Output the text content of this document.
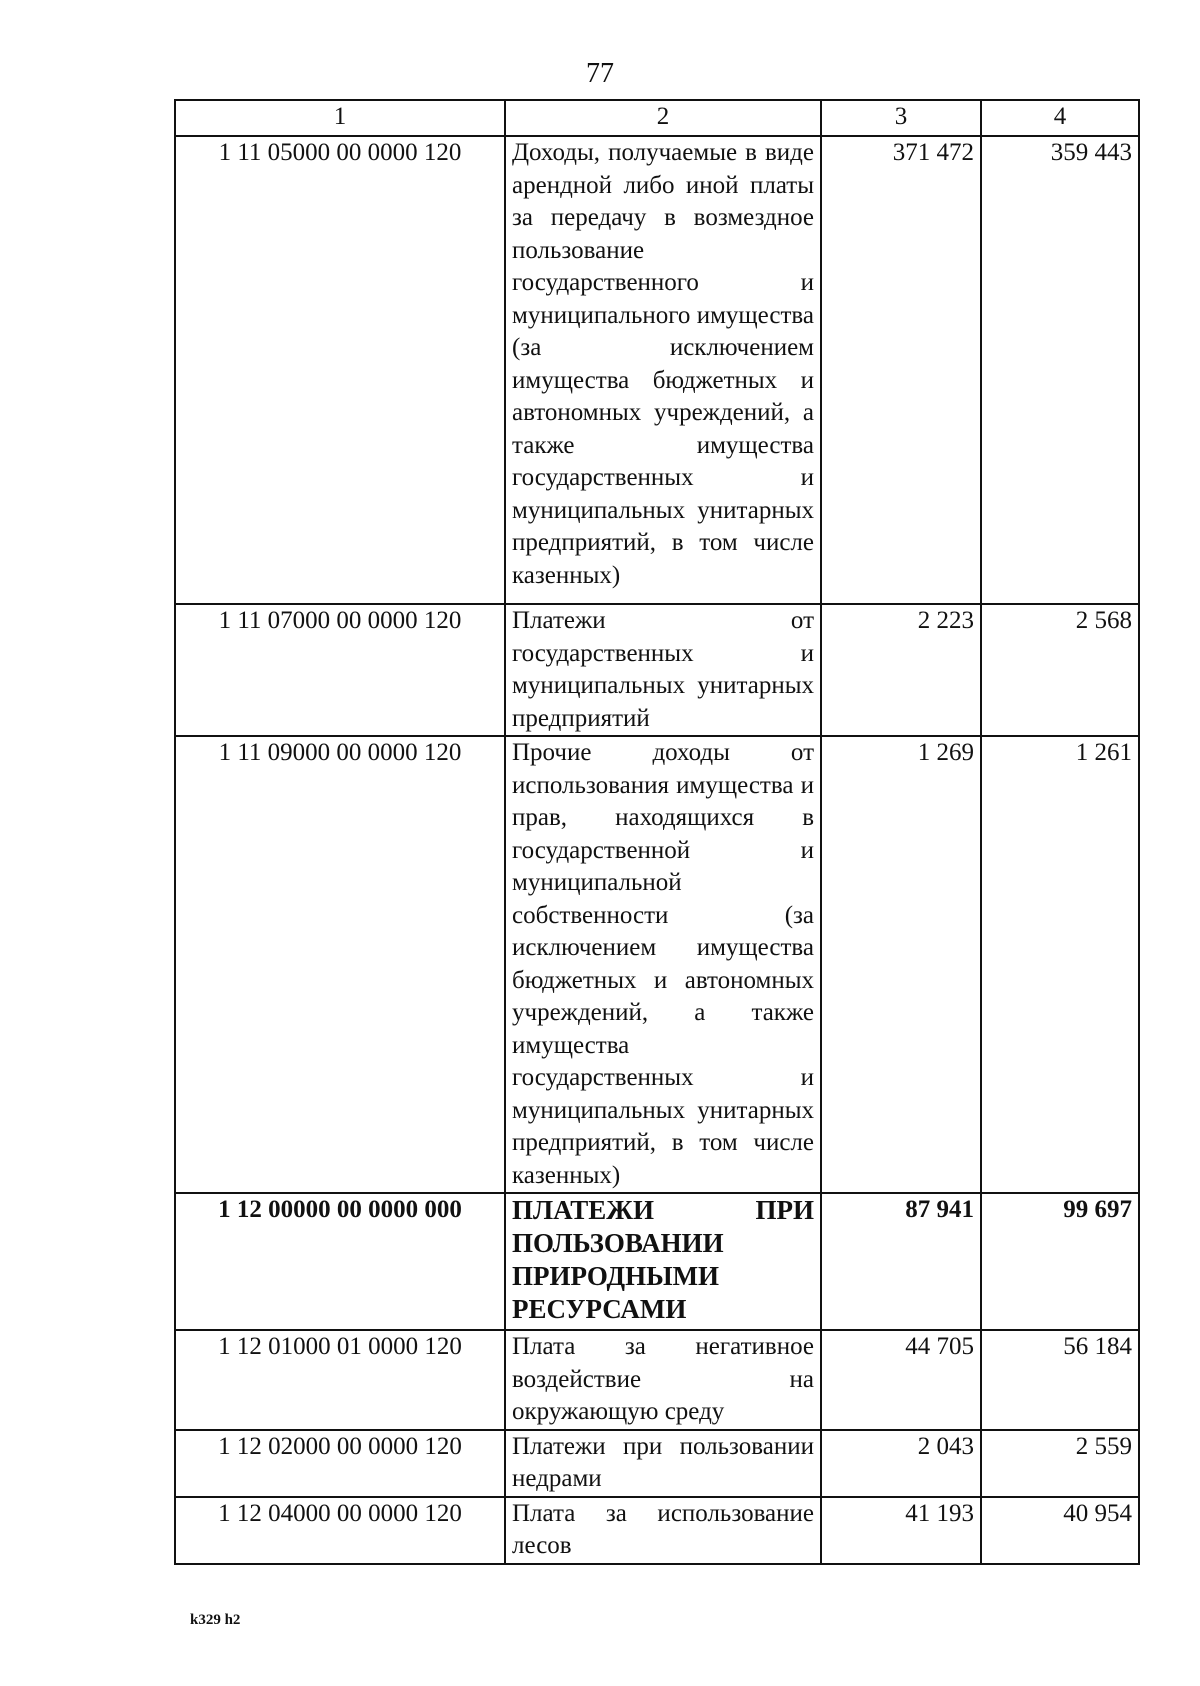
77
1	2	3	4
1 11 05000 00 0000 120	Доходы, получаемые в виде арендной либо иной платы за передачу в возмездное пользование государственного и муниципального имущества (за исключением имущества бюджетных и автономных учреждений, а также имущества государственных и муниципальных унитарных предприятий, в том числе казенных)	371 472	359 443
1 11 07000 00 0000 120	Платежи от государственных и муниципальных унитарных предприятий	2 223	2 568
1 11 09000 00 0000 120	Прочие доходы от использования имущества и прав, находящихся в государственной и муниципальной собственности (за исключением имущества бюджетных и автономных учреждений, а также имущества государственных и муниципальных унитарных предприятий, в том числе казенных)	1 269	1 261
1 12 00000 00 0000 000	ПЛАТЕЖИ ПРИ ПОЛЬЗОВАНИИ ПРИРОДНЫМИ РЕСУРСАМИ	87 941	99 697
1 12 01000 01 0000 120	Плата за негативное воздействие на окружающую среду	44 705	56 184
1 12 02000 00 0000 120	Платежи при пользовании недрами	2 043	2 559
1 12 04000 00 0000 120	Плата за использование лесов	41 193	40 954
k329 h2
